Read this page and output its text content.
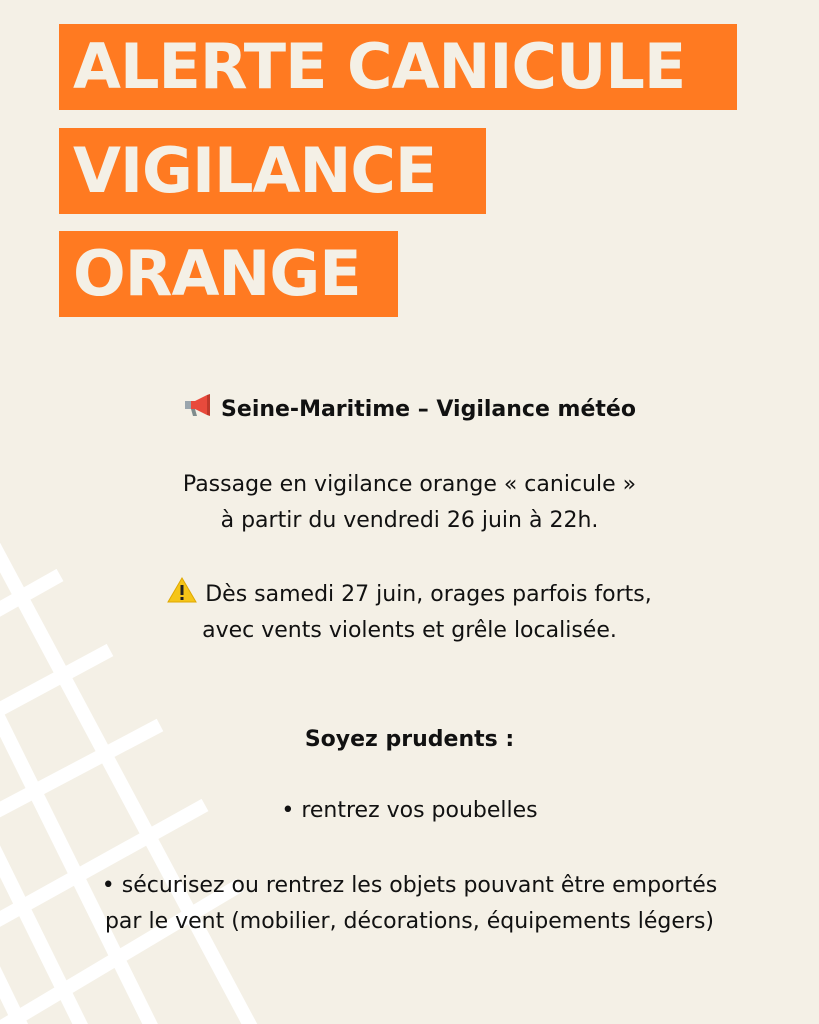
ALERTE CANICULE
VIGILANCE
ORANGE
Seine-Maritime – Vigilance météo
Passage en vigilance orange « canicule »
à partir du vendredi 26 juin à 22h.
Dès samedi 27 juin, orages parfois forts,
avec vents violents et grêle localisée.
Soyez prudents :
• rentrez vos poubelles
• sécurisez ou rentrez les objets pouvant être emportés
par le vent (mobilier, décorations, équipements légers)
